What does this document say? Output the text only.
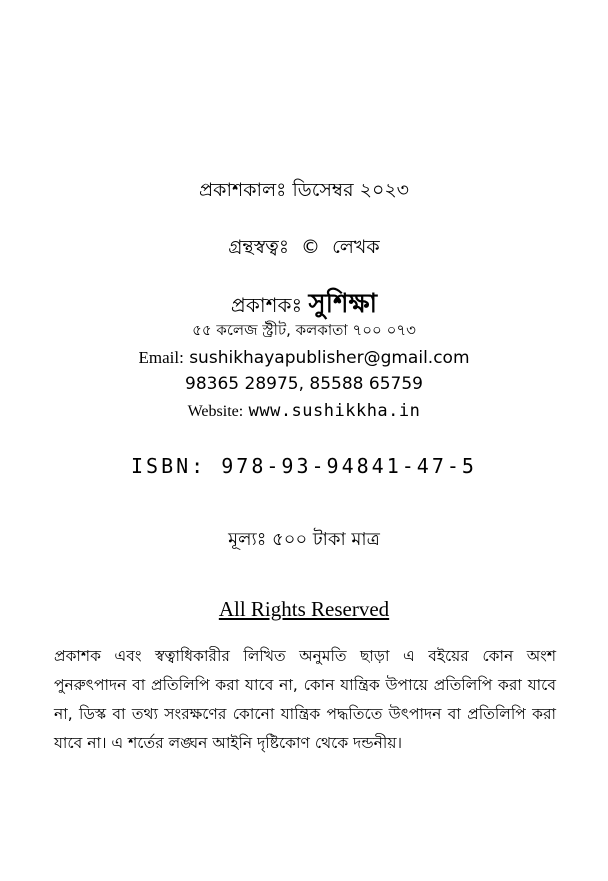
প্রকাশকালঃ ডিসেম্বর ২০২৩
গ্রন্থস্বত্বঃ © লেখক
প্রকাশকঃ সুশিক্ষা
৫৫ কলেজ স্ট্রীট, কলকাতা ৭০০ ০৭৩
Email: sushikhayapublisher@gmail.com
98365 28975, 85588 65759
Website: www.sushikkha.in
ISBN: 978-93-94841-47-5
মূল্যঃ ৫০০ টাকা মাত্র
All Rights Reserved
প্রকাশক এবং স্বত্বাধিকারীর লিখিত অনুমতি ছাড়া এ বইয়ের কোন অংশ পুনরুৎপাদন বা প্রতিলিপি করা যাবে না, কোন যান্ত্রিক উপায়ে প্রতিলিপি করা যাবে না, ডিস্ক বা তথ্য সংরক্ষণের কোনো যান্ত্রিক পদ্ধতিতে উৎপাদন বা প্রতিলিপি করা যাবে না। এ শর্তের লঙ্ঘন আইনি দৃষ্টিকোণ থেকে দন্ডনীয়।
